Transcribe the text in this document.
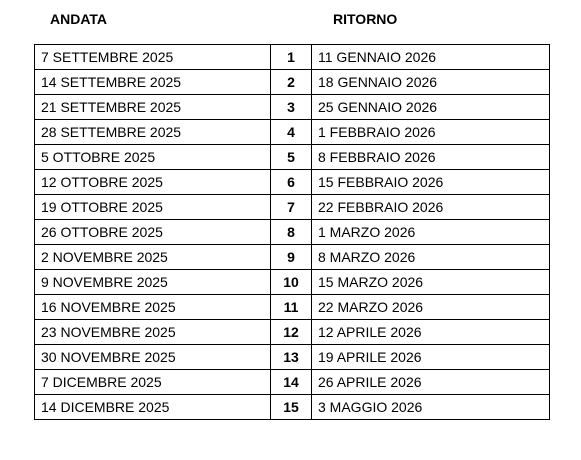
ANDATA	RITORNO
7 SETTEMBRE 2025	1	11 GENNAIO 2026
14 SETTEMBRE 2025	2	18 GENNAIO 2026
21 SETTEMBRE 2025	3	25 GENNAIO 2026
28 SETTEMBRE 2025	4	1 FEBBRAIO 2026
5 OTTOBRE 2025	5	8 FEBBRAIO 2026
12 OTTOBRE 2025	6	15 FEBBRAIO 2026
19 OTTOBRE 2025	7	22 FEBBRAIO 2026
26 OTTOBRE 2025	8	1 MARZO 2026
2 NOVEMBRE 2025	9	8 MARZO 2026
9 NOVEMBRE 2025	10	15 MARZO 2026
16 NOVEMBRE 2025	11	22 MARZO 2026
23 NOVEMBRE 2025	12	12 APRILE 2026
30 NOVEMBRE 2025	13	19 APRILE 2026
7 DICEMBRE 2025	14	26 APRILE 2026
14 DICEMBRE 2025	15	3 MAGGIO 2026
